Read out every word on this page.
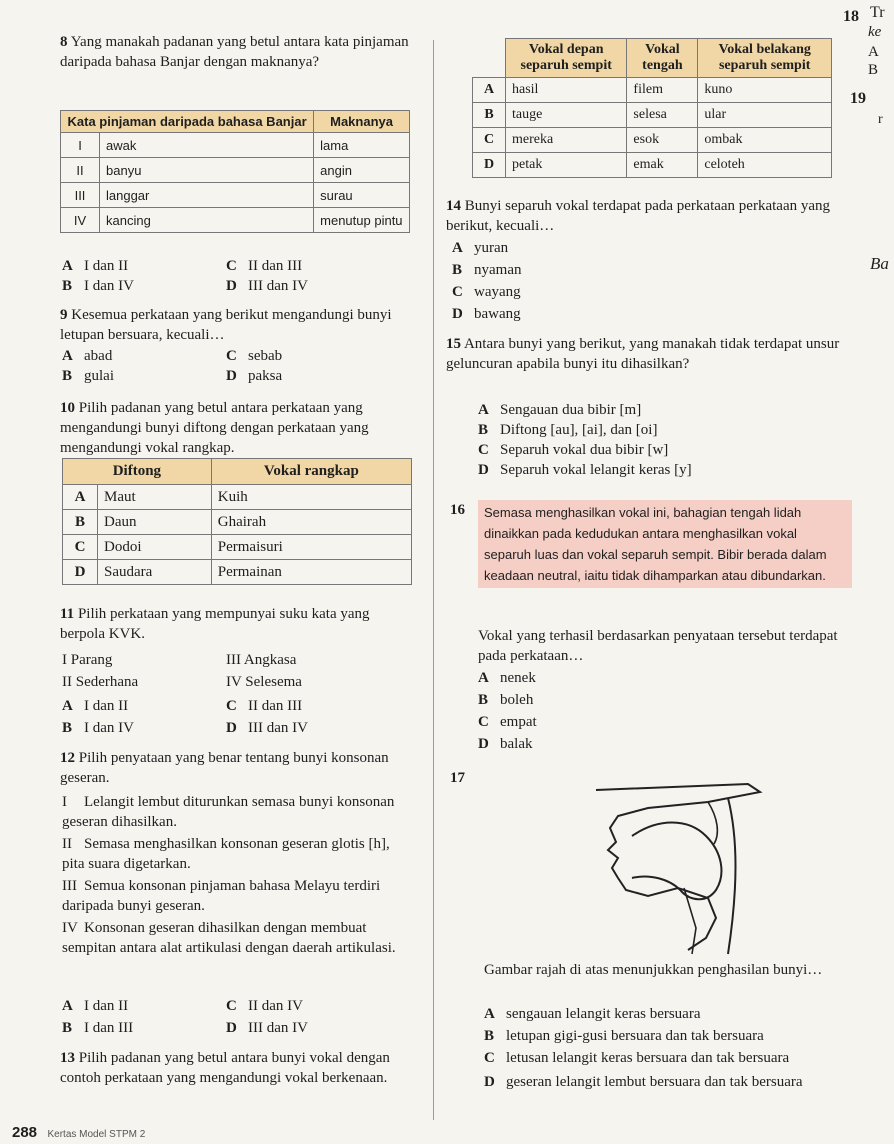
18 Tr
ke
A
B
19
r
Ba
8 Yang manakah padanan yang betul antara kata pinjaman daripada bahasa Banjar dengan maknanya?
Kata pinjaman daripada bahasa Banjar		Maknanya
I	awak	lama
II	banyu	angin
III	langgar	surau
IV	kancing	menutup pintu
A I dan II
B I dan IV
C II dan III
D III dan IV
9 Kesemua perkataan yang berikut mengandungi bunyi letupan bersuara, kecuali…
A abad
B gulai
C sebab
D paksa
10 Pilih padanan yang betul antara perkataan yang mengandungi bunyi diftong dengan perkataan yang mengandungi vokal rangkap.
Diftong		Vokal rangkap
A	Maut	Kuih
B	Daun	Ghairah
C	Dodoi	Permaisuri
D	Saudara	Permainan
11 Pilih perkataan yang mempunyai suku kata yang berpola KVK.
I Parang
II Sederhana
III Angkasa
IV Selesema
A I dan II
B I dan IV
C II dan III
D III dan IV
12 Pilih penyataan yang benar tentang bunyi konsonan geseran.
I Lelangit lembut diturunkan semasa bunyi konsonan geseran dihasilkan.
II Semasa menghasilkan konsonan geseran glotis [h], pita suara digetarkan.
III Semua konsonan pinjaman bahasa Melayu terdiri daripada bunyi geseran.
IV Konsonan geseran dihasilkan dengan membuat sempitan antara alat artikulasi dengan daerah artikulasi.
A I dan II
B I dan III
C II dan IV
D III dan IV
13 Pilih padanan yang betul antara bunyi vokal dengan contoh perkataan yang mengandungi vokal berkenaan.
288 Kertas Model STPM 2
	Vokal depan separuh sempit	Vokal tengah	Vokal belakang separuh sempit
A	hasil	filem	kuno
B	tauge	selesa	ular
C	mereka	esok	ombak
D	petak	emak	celoteh
14 Bunyi separuh vokal terdapat pada perkataan perkataan yang berikut, kecuali…
A yuran
B nyaman
C wayang
D bawang
15 Antara bunyi yang berikut, yang manakah tidak terdapat unsur geluncuran apabila bunyi itu dihasilkan?
A Sengauan dua bibir [m]
B Diftong [au], [ai], dan [oi]
C Separuh vokal dua bibir [w]
D Separuh vokal lelangit keras [y]
16	Semasa menghasilkan vokal ini, bahagian tengah lidah dinaikkan pada kedudukan antara menghasilkan vokal separuh luas dan vokal separuh sempit. Bibir berada dalam keadaan neutral, iaitu tidak dihamparkan atau dibundarkan.
Vokal yang terhasil berdasarkan penyataan tersebut terdapat pada perkataan…
A nenek
B boleh
C empat
D balak
17
Gambar rajah di atas menunjukkan penghasilan bunyi…
A sengauan lelangit keras bersuara
B letupan gigi-gusi bersuara dan tak bersuara
C letusan lelangit keras bersuara dan tak bersuara
D geseran lelangit lembut bersuara dan tak bersuara
